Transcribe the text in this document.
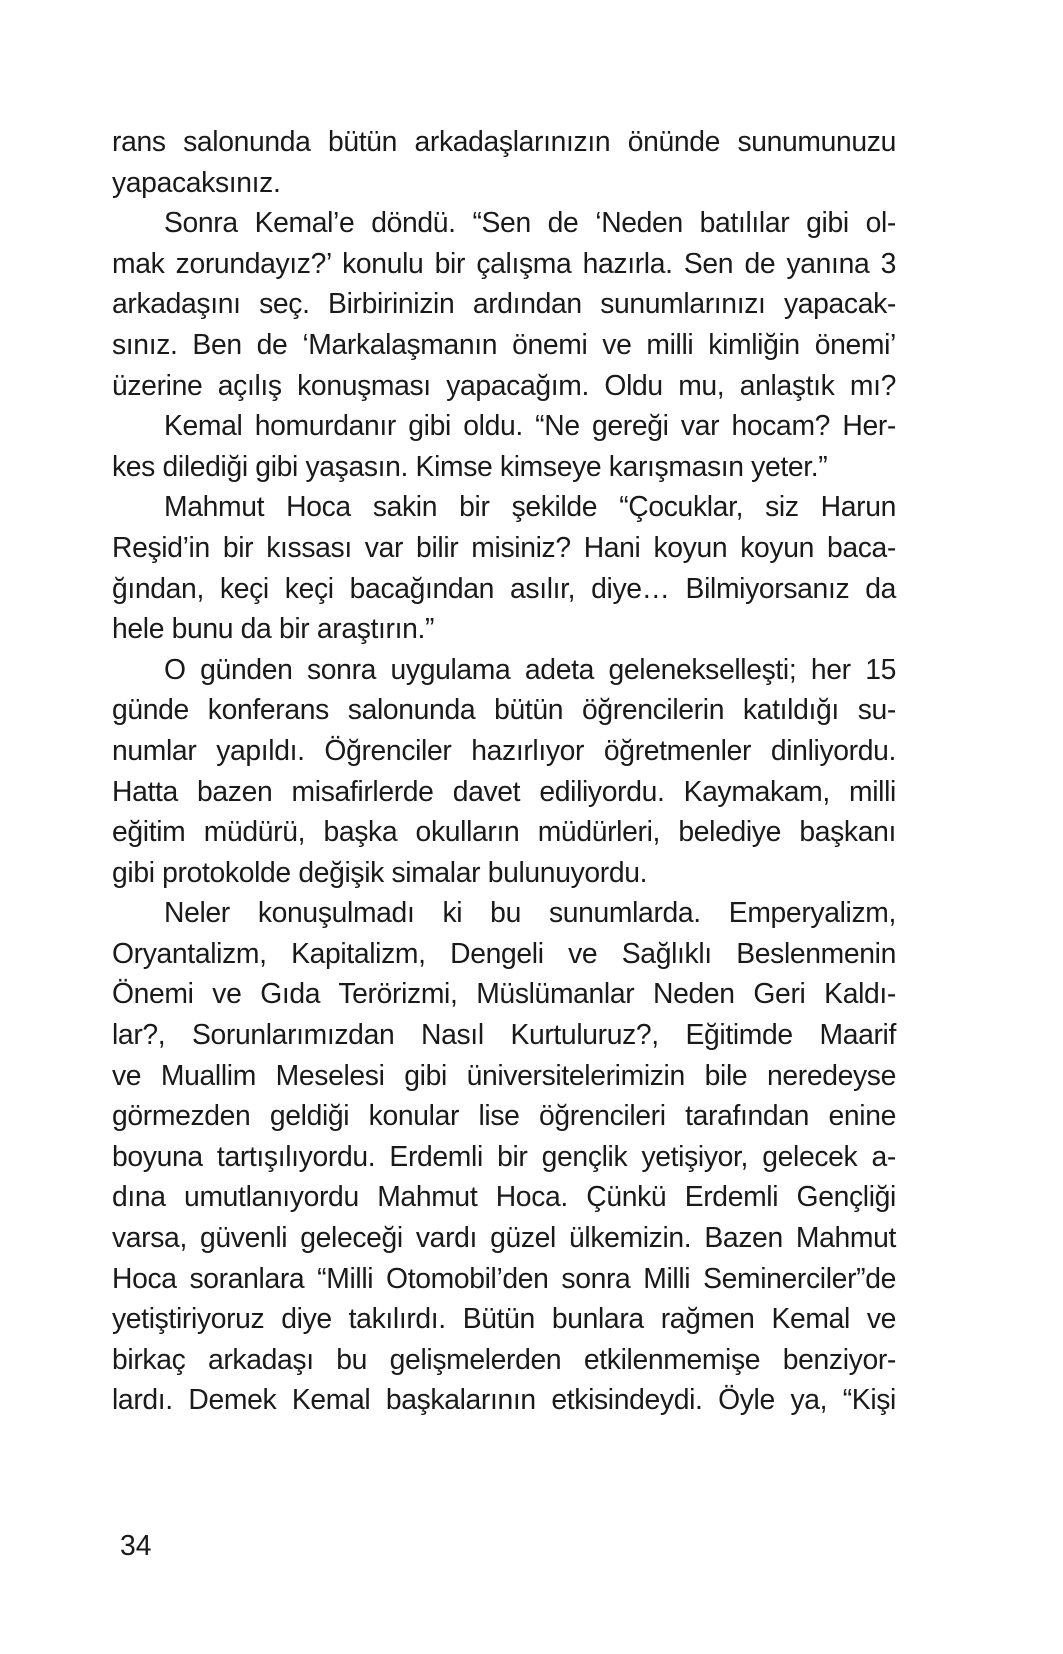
rans salonunda bütün arkadaşlarınızın önünde sunumunuzu
yapacaksınız.
Sonra Kemal’e döndü. “Sen de ‘Neden batılılar gibi ol-
mak zorundayız?’ konulu bir çalışma hazırla. Sen de yanına 3
arkadaşını seç. Birbirinizin ardından sunumlarınızı yapacak-
sınız. Ben de ‘Markalaşmanın önemi ve milli kimliğin önemi’
üzerine açılış konuşması yapacağım. Oldu mu, anlaştık mı?
Kemal homurdanır gibi oldu. “Ne gereği var hocam? Her-
kes dilediği gibi yaşasın. Kimse kimseye karışmasın yeter.”
Mahmut Hoca sakin bir şekilde “Çocuklar, siz Harun
Reşid’in bir kıssası var bilir misiniz? Hani koyun koyun baca-
ğından, keçi keçi bacağından asılır, diye… Bilmiyorsanız da
hele bunu da bir araştırın.”
O günden sonra uygulama adeta gelenekselleşti; her 15
günde konferans salonunda bütün öğrencilerin katıldığı su-
numlar yapıldı. Öğrenciler hazırlıyor öğretmenler dinliyordu.
Hatta bazen misafirlerde davet ediliyordu. Kaymakam, milli
eğitim müdürü, başka okulların müdürleri, belediye başkanı
gibi protokolde değişik simalar bulunuyordu.
Neler konuşulmadı ki bu sunumlarda. Emperyalizm,
Oryantalizm, Kapitalizm, Dengeli ve Sağlıklı Beslenmenin
Önemi ve Gıda Terörizmi, Müslümanlar Neden Geri Kaldı-
lar?, Sorunlarımızdan Nasıl Kurtuluruz?, Eğitimde Maarif
ve Muallim Meselesi gibi üniversitelerimizin bile neredeyse
görmezden geldiği konular lise öğrencileri tarafından enine
boyuna tartışılıyordu. Erdemli bir gençlik yetişiyor, gelecek a-
dına umutlanıyordu Mahmut Hoca. Çünkü Erdemli Gençliği
varsa, güvenli geleceği vardı güzel ülkemizin. Bazen Mahmut
Hoca soranlara “Milli Otomobil’den sonra Milli Seminerciler”de
yetiştiriyoruz diye takılırdı. Bütün bunlara rağmen Kemal ve
birkaç arkadaşı bu gelişmelerden etkilenmemişe benziyor-
lardı. Demek Kemal başkalarının etkisindeydi. Öyle ya, “Kişi
34
